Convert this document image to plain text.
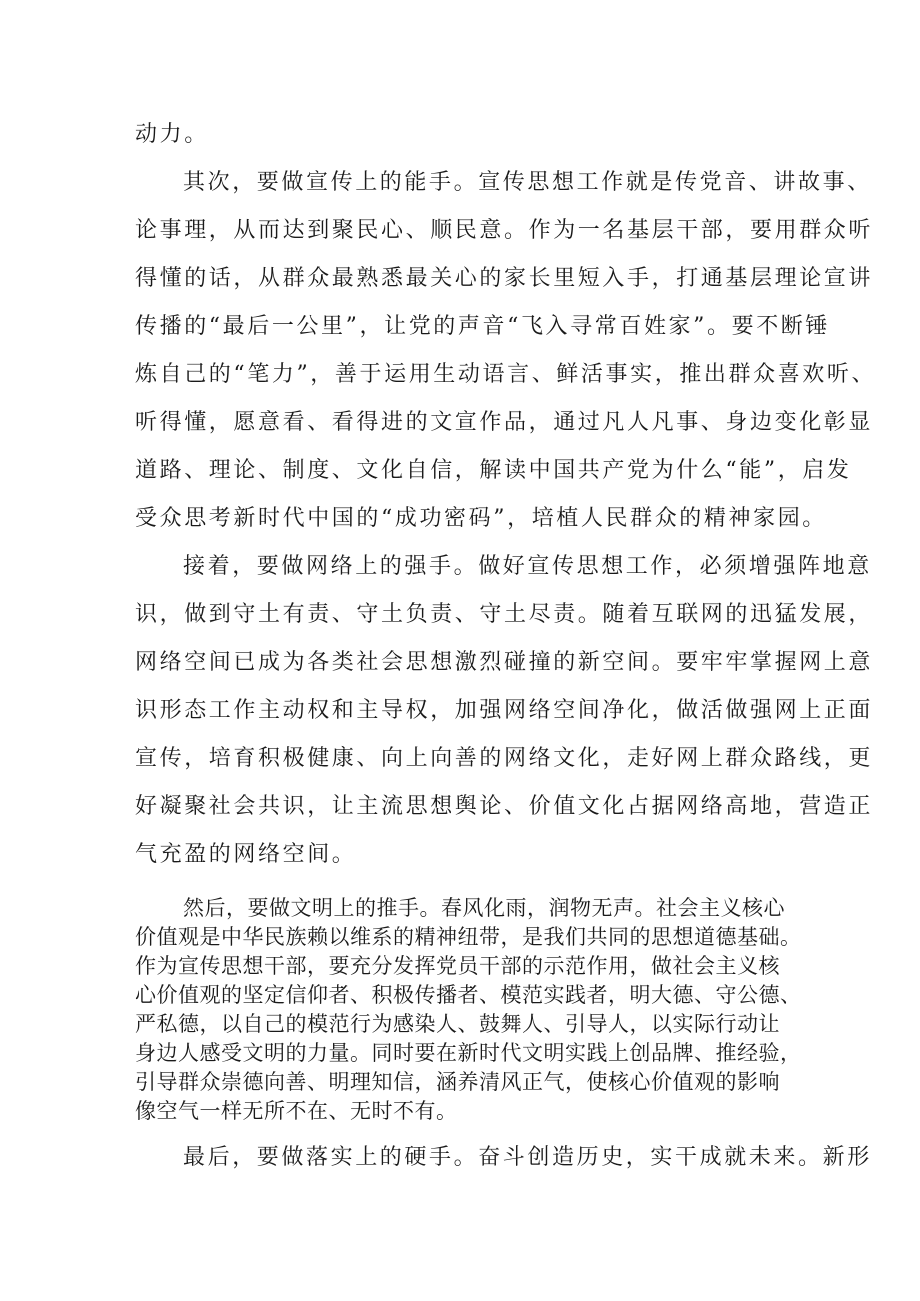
动力。
其次，要做宣传上的能手。宣传思想工作就是传党音、讲故事、
论事理，从而达到聚民心、顺民意。作为一名基层干部，要用群众听
得懂的话，从群众最熟悉最关心的家长里短入手，打通基层理论宣讲
传播的“最后一公里”，让党的声音“飞入寻常百姓家”。要不断锤
炼自己的“笔力”，善于运用生动语言、鲜活事实，推出群众喜欢听、
听得懂，愿意看、看得进的文宣作品，通过凡人凡事、身边变化彰显
道路、理论、制度、文化自信，解读中国共产党为什么“能”，启发
受众思考新时代中国的“成功密码”，培植人民群众的精神家园。
接着，要做网络上的强手。做好宣传思想工作，必须增强阵地意
识，做到守土有责、守土负责、守土尽责。随着互联网的迅猛发展，
网络空间已成为各类社会思想激烈碰撞的新空间。要牢牢掌握网上意
识形态工作主动权和主导权，加强网络空间净化，做活做强网上正面
宣传，培育积极健康、向上向善的网络文化，走好网上群众路线，更
好凝聚社会共识，让主流思想舆论、价值文化占据网络高地，营造正
气充盈的网络空间。
然后，要做文明上的推手。春风化雨，润物无声。社会主义核心
价值观是中华民族赖以维系的精神纽带，是我们共同的思想道德基础。
作为宣传思想干部，要充分发挥党员干部的示范作用，做社会主义核
心价值观的坚定信仰者、积极传播者、模范实践者，明大德、守公德、
严私德，以自己的模范行为感染人、鼓舞人、引导人，以实际行动让
身边人感受文明的力量。同时要在新时代文明实践上创品牌、推经验，
引导群众崇德向善、明理知信，涵养清风正气，使核心价值观的影响
像空气一样无所不在、无时不有。
最后，要做落实上的硬手。奋斗创造历史，实干成就未来。新形
